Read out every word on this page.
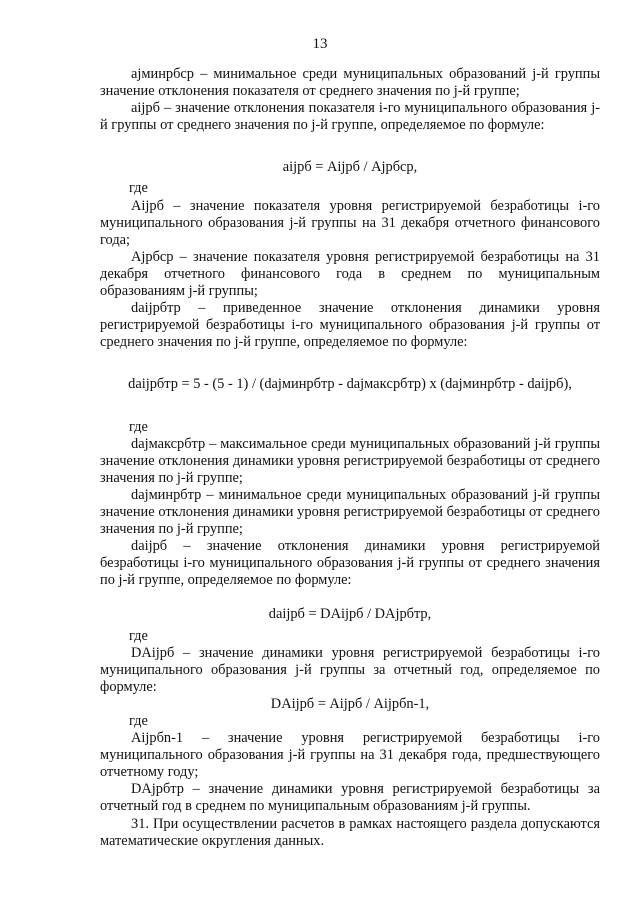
13

ajминрбср – минимальное среди муниципальных образований j-й группы значение отклонения показателя от среднего значения по j-й группе;

aijрб – значение отклонения показателя i-го муниципального образования j-й группы от среднего значения по j-й группе, определяемое по формуле:

aijрб = Aijрб / Ajрбср,

где

Aijрб – значение показателя уровня регистрируемой безработицы i-го муниципального образования j-й группы на 31 декабря отчетного финансового года;

Ajрбср – значение показателя уровня регистрируемой безработицы на 31 декабря отчетного финансового года в среднем по муниципальным образованиям j-й группы;

daijрбтр – приведенное значение отклонения динамики уровня регистрируемой безработицы i-го муниципального образования j-й группы от среднего значения по j-й группе, определяемое по формуле:

daijрбтр = 5 - (5 - 1) / (dajминрбтр - dajмакcрбтр) x (dajминрбтр - daijрб),

где

dajмаксрбтр – максимальное среди муниципальных образований j-й группы значение отклонения динамики уровня регистрируемой безработицы от среднего значения по j-й группе;

dajминрбтр – минимальное среди муниципальных образований j-й группы значение отклонения динамики уровня регистрируемой безработицы от среднего значения по j-й группе;

daijрб – значение отклонения динамики уровня регистрируемой безработицы i-го муниципального образования j-й группы от среднего значения по j-й группе, определяемое по формуле:

daijрб = DAijрб / DAjрбтр,

где

DAijрб – значение динамики уровня регистрируемой безработицы i-го муниципального образования j-й группы за отчетный год, определяемое по формуле:

DAijрб = Aijрб / Aijрбn-1,

где

Aijрбn-1 – значение уровня регистрируемой безработицы i-го муниципального образования j-й группы на 31 декабря года, предшествующего отчетному году;

DAjрбтр – значение динамики уровня регистрируемой безработицы за отчетный год в среднем по муниципальным образованиям j-й группы.

31. При осуществлении расчетов в рамках настоящего раздела допускаются математические округления данных.
